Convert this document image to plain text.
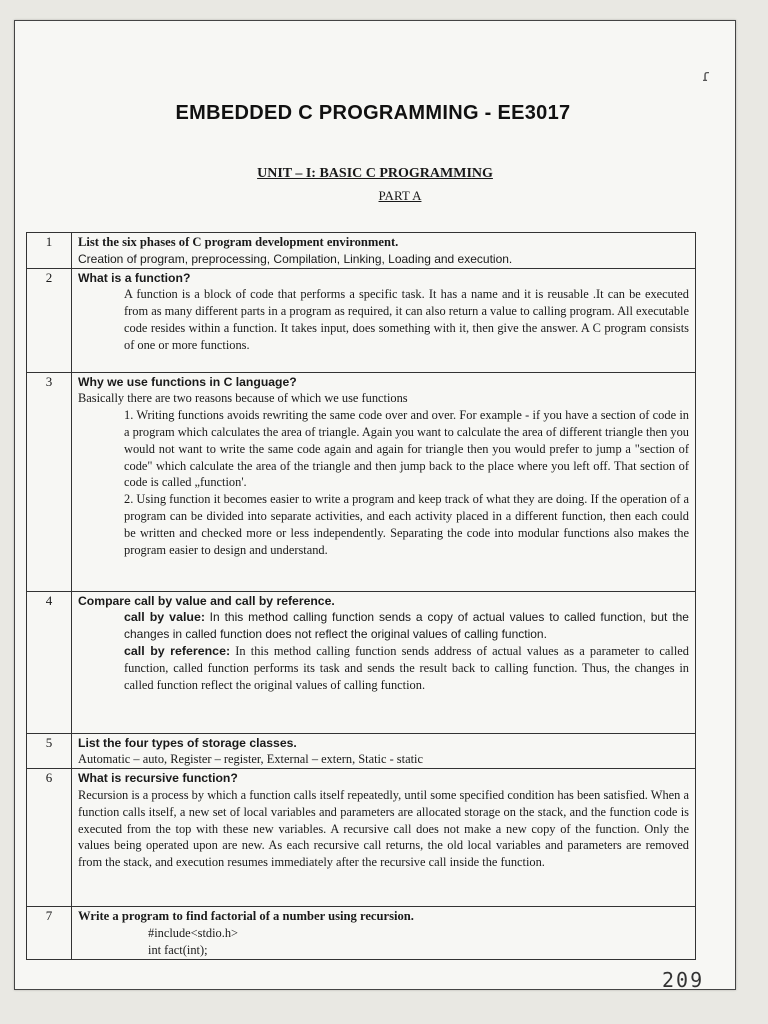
ɾ
EMBEDDED C PROGRAMMING - EE3017
UNIT – I: BASIC C PROGRAMMING
PART A
1	List the six phases of C program development environment.
Creation of program, preprocessing, Compilation, Linking, Loading and execution.

2	What is a function?
A function is a block of code that performs a specific task. It has a name and it is reusable .It can be executed from as many different parts in a program as required, it can also return a value to calling program. All executable code resides within a function. It takes input, does something with it, then give the answer. A C program consists of one or more functions.

3	Why we use functions in C language?
Basically there are two reasons because of which we use functions
1. Writing functions avoids rewriting the same code over and over. For example - if you have a section of code in a program which calculates the area of triangle. Again you want to calculate the area of different triangle then you would not want to write the same code again and again for triangle then you would prefer to jump a "section of code" which calculate the area of the triangle and then jump back to the place where you left off. That section of code is called „function'.
2. Using function it becomes easier to write a program and keep track of what they are doing. If the operation of a program can be divided into separate activities, and each activity placed in a different function, then each could be written and checked more or less independently. Separating the code into modular functions also makes the program easier to design and understand.

4	Compare call by value and call by reference.
call by value: In this method calling function sends a copy of actual values to called function, but the changes in called function does not reflect the original values of calling function.
call by reference: In this method calling function sends address of actual values as a parameter to called function, called function performs its task and sends the result back to calling function. Thus, the changes in called function reflect the original values of calling function.

5	List the four types of storage classes.
Automatic – auto, Register – register, External – extern, Static - static

6	What is recursive function?
Recursion is a process by which a function calls itself repeatedly, until some specified condition has been satisfied. When a function calls itself, a new set of local variables and parameters are allocated storage on the stack, and the function code is executed from the top with these new variables. A recursive call does not make a new copy of the function. Only the values being operated upon are new. As each recursive call returns, the old local variables and parameters are removed from the stack, and execution resumes immediately after the recursive call inside the function.

7	Write a program to find factorial of a number using recursion.
#include<stdio.h>
int fact(int);
209
